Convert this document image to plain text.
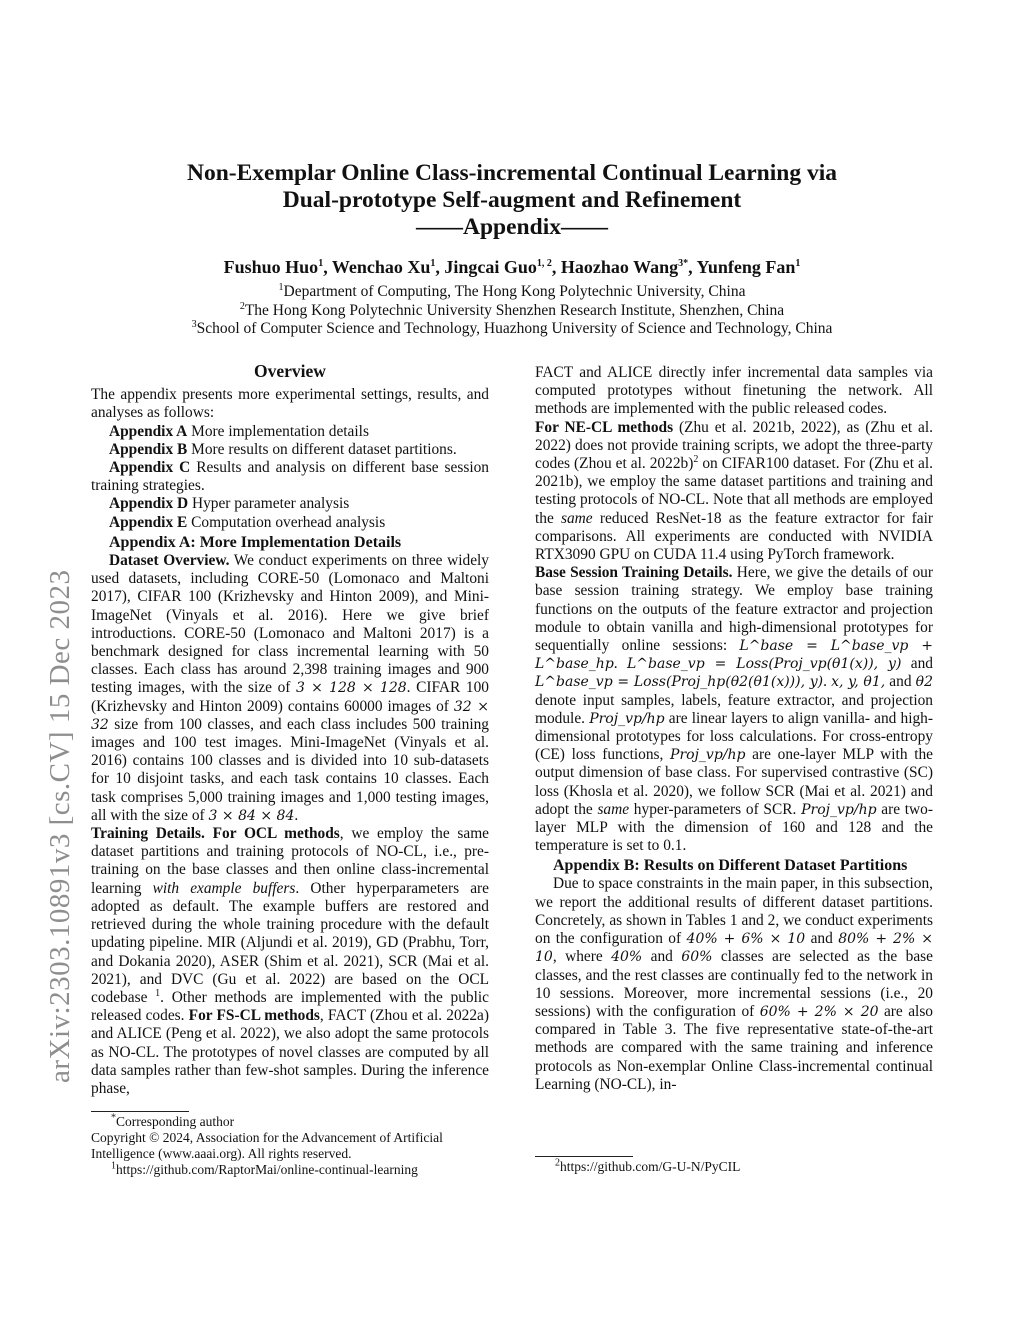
arXiv:2303.10891v3 [cs.CV] 15 Dec 2023
Non-Exemplar Online Class-incremental Continual Learning via
Dual-prototype Self-augment and Refinement
——Appendix——
Fushuo Huo$^1$, Wenchao Xu$^1$, Jingcai Guo$^{1, 2}$, Haozhao Wang$^{3*}$, Yunfeng Fan$^1$
$^1$Department of Computing, The Hong Kong Polytechnic University, China
$^2$The Hong Kong Polytechnic University Shenzhen Research Institute, Shenzhen, China
$^3$School of Computer Science and Technology, Huazhong University of Science and Technology, China
Overview

The appendix presents more experimental settings, results, and analyses as follows:

Appendix A More implementation details

Appendix B More results on different dataset partitions.

Appendix C Results and analysis on different base session training strategies.

Appendix D Hyper parameter analysis

Appendix E Computation overhead analysis

Appendix A: More Implementation Details

Dataset Overview. We conduct experiments on three widely used datasets, including CORE-50 (Lomonaco and Maltoni 2017), CIFAR 100 (Krizhevsky and Hinton 2009), and Mini-ImageNet (Vinyals et al. 2016). Here we give brief introductions. CORE-50 (Lomonaco and Maltoni 2017) is a benchmark designed for class incremental learning with 50 classes. Each class has around 2,398 training images and 900 testing images, with the size of 3 × 128 × 128. CIFAR 100 (Krizhevsky and Hinton 2009) contains 60000 images of 32 × 32 size from 100 classes, and each class includes 500 training images and 100 test images. Mini-ImageNet (Vinyals et al. 2016) contains 100 classes and is divided into 10 sub-datasets for 10 disjoint tasks, and each task contains 10 classes. Each task comprises 5,000 training images and 1,000 testing images, all with the size of 3 × 84 × 84.

Training Details. For OCL methods, we employ the same dataset partitions and training protocols of NO-CL, i.e., pre-training on the base classes and then online class-incremental learning with example buffers. Other hyperparameters are adopted as default. The example buffers are restored and retrieved during the whole training procedure with the default updating pipeline. MIR (Aljundi et al. 2019), GD (Prabhu, Torr, and Dokania 2020), ASER (Shim et al. 2021), SCR (Mai et al. 2021), and DVC (Gu et al. 2022) are based on the OCL codebase $^1$. Other methods are implemented with the public released codes. For FS-CL methods, FACT (Zhou et al. 2022a) and ALICE (Peng et al. 2022), we also adopt the same protocols as NO-CL. The prototypes of novel classes are computed by all data samples rather than few-shot samples. During the inference phase,

*Corresponding author
Copyright © 2024, Association for the Advancement of Artificial Intelligence (www.aaai.org). All rights reserved.
$^1$https://github.com/RaptorMai/online-continual-learning

FACT and ALICE directly infer incremental data samples via computed prototypes without finetuning the network. All methods are implemented with the public released codes.
For NE-CL methods (Zhu et al. 2021b, 2022), as (Zhu et al. 2022) does not provide training scripts, we adopt the three-party codes (Zhou et al. 2022b)$^2$ on CIFAR100 dataset. For (Zhu et al. 2021b), we employ the same dataset partitions and training and testing protocols of NO-CL. Note that all methods are employed the same reduced ResNet-18 as the feature extractor for fair comparisons. All experiments are conducted with NVIDIA RTX3090 GPU on CUDA 11.4 using PyTorch framework.

Base Session Training Details. Here, we give the details of our base session training strategy. We employ base training functions on the outputs of the feature extractor and projection module to obtain vanilla and high-dimensional prototypes for sequentially online sessions: L^base = L^base_vp + L^base_hp. L^base_vp = Loss(Proj_vp(θ1(x)), y) and L^base_vp = Loss(Proj_hp(θ2(θ1(x))), y). x, y, θ1, and θ2 denote input samples, labels, feature extractor, and projection module. Proj_vp/hp are linear layers to align vanilla- and high-dimensional prototypes for loss calculations. For cross-entropy (CE) loss functions, Proj_vp/hp are one-layer MLP with the output dimension of base class. For supervised contrastive (SC) loss (Khosla et al. 2020), we follow SCR (Mai et al. 2021) and adopt the same hyper-parameters of SCR. Proj_vp/hp are two-layer MLP with the dimension of 160 and 128 and the temperature is set to 0.1.

Appendix B: Results on Different Dataset Partitions

Due to space constraints in the main paper, in this subsection, we report the additional results of different dataset partitions. Concretely, as shown in Tables 1 and 2, we conduct experiments on the configuration of 40% + 6% × 10 and 80% + 2% × 10, where 40% and 60% classes are selected as the base classes, and the rest classes are continually fed to the network in 10 sessions. Moreover, more incremental sessions (i.e., 20 sessions) with the configuration of 60% + 2% × 20 are also compared in Table 3. The five representative state-of-the-art methods are compared with the same training and inference protocols as Non-exemplar Online Class-incremental continual Learning (NO-CL), in-

$^2$https://github.com/G-U-N/PyCIL
